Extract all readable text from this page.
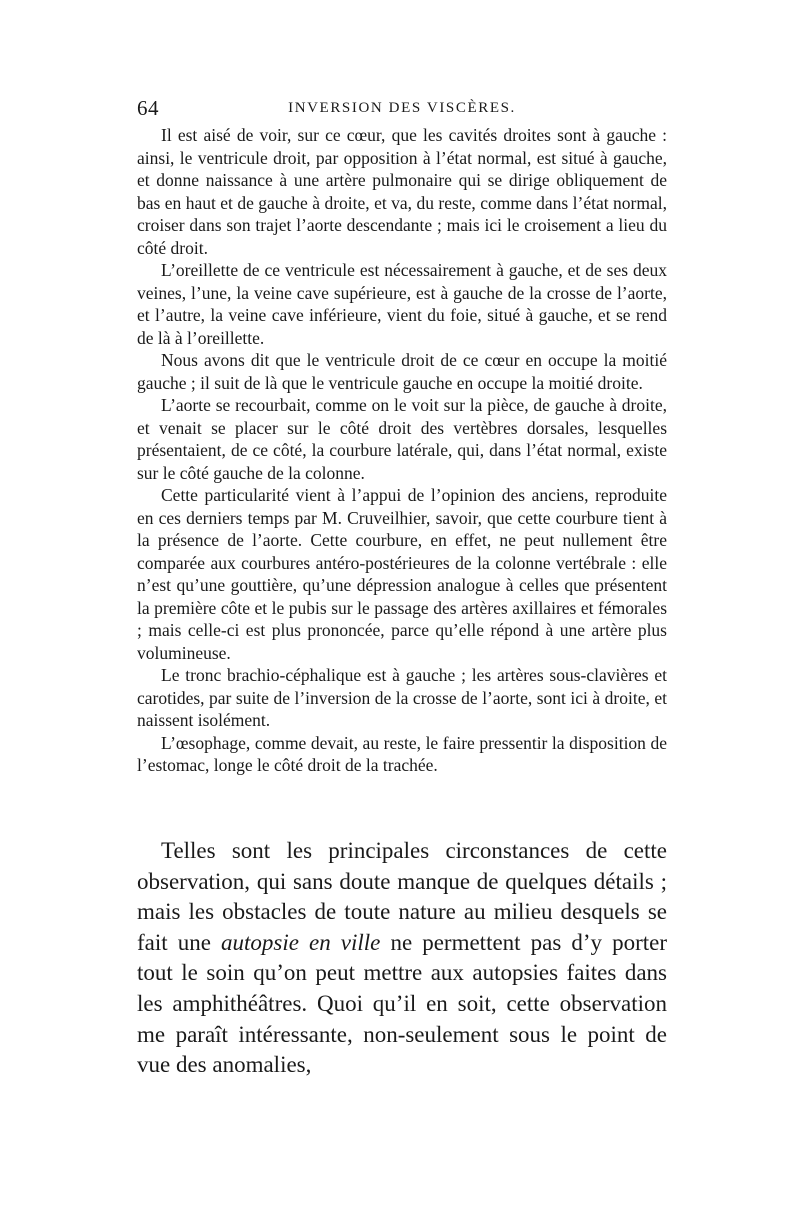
64	INVERSION DES VISCÈRES.

Il est aisé de voir, sur ce cœur, que les cavités droites sont à gauche : ainsi, le ventricule droit, par opposition à l’état normal, est situé à gauche, et donne naissance à une artère pulmonaire qui se dirige obliquement de bas en haut et de gauche à droite, et va, du reste, comme dans l’état normal, croiser dans son trajet l’aorte descendante ; mais ici le croisement a lieu du côté droit.

L’oreillette de ce ventricule est nécessairement à gauche, et de ses deux veines, l’une, la veine cave supérieure, est à gauche de la crosse de l’aorte, et l’autre, la veine cave inférieure, vient du foie, situé à gauche, et se rend de là à l’oreillette.

Nous avons dit que le ventricule droit de ce cœur en occupe la moitié gauche ; il suit de là que le ventricule gauche en occupe la moitié droite.

L’aorte se recourbait, comme on le voit sur la pièce, de gauche à droite, et venait se placer sur le côté droit des vertèbres dorsales, lesquelles présentaient, de ce côté, la courbure latérale, qui, dans l’état normal, existe sur le côté gauche de la colonne.

Cette particularité vient à l’appui de l’opinion des anciens, reproduite en ces derniers temps par M. Cruveilhier, savoir, que cette courbure tient à la présence de l’aorte. Cette courbure, en effet, ne peut nullement être comparée aux courbures antéro-postérieures de la colonne vertébrale : elle n’est qu’une gouttière, qu’une dépression analogue à celles que présentent la première côte et le pubis sur le passage des artères axillaires et fémorales ; mais celle-ci est plus prononcée, parce qu’elle répond à une artère plus volumineuse.

Le tronc brachio-céphalique est à gauche ; les artères sous-clavières et carotides, par suite de l’inversion de la crosse de l’aorte, sont ici à droite, et naissent isolément.

L’œsophage, comme devait, au reste, le faire pressentir la disposition de l’estomac, longe le côté droit de la trachée.

Telles sont les principales circonstances de cette observation, qui sans doute manque de quelques détails ; mais les obstacles de toute nature au milieu desquels se fait une autopsie en ville ne permettent pas d’y porter tout le soin qu’on peut mettre aux autopsies faites dans les amphithéâtres. Quoi qu’il en soit, cette observation me paraît intéressante, non-seulement sous le point de vue des anomalies,
